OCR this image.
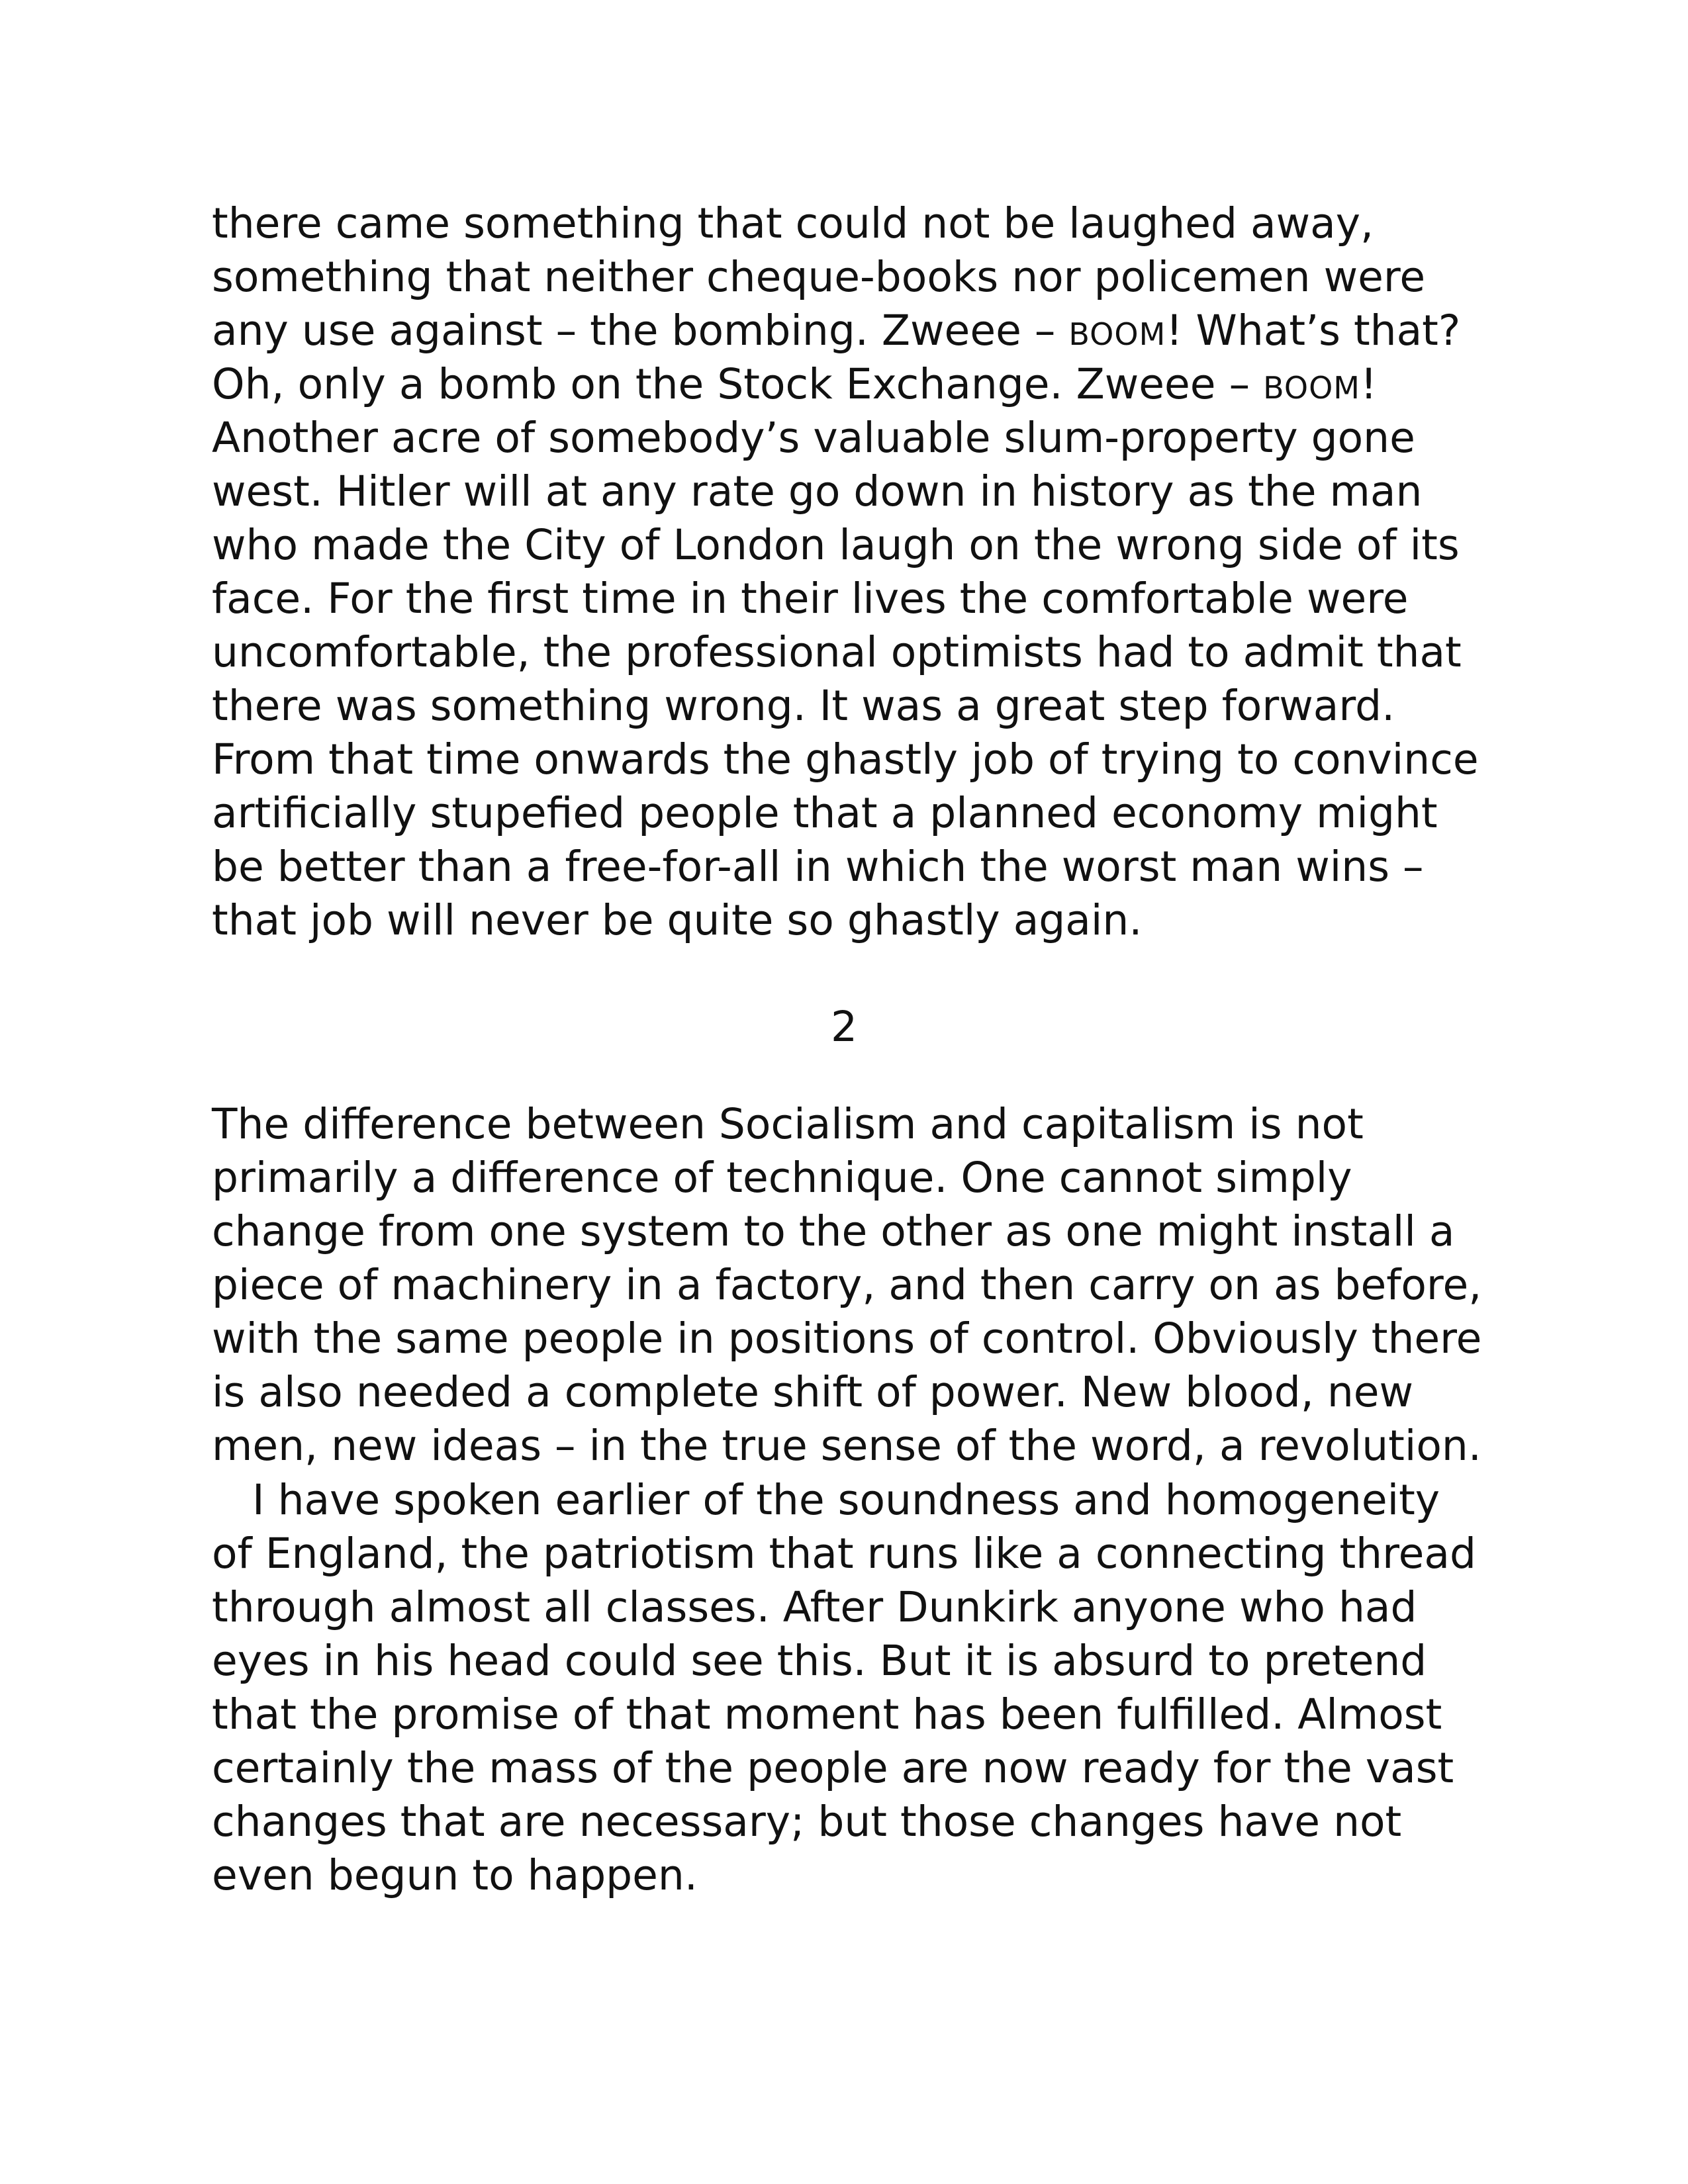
there came something that could not be laughed away,
something that neither cheque-books nor policemen were
any use against – the bombing. Zweee – BOOM! What’s that?
Oh, only a bomb on the Stock Exchange. Zweee – BOOM!
Another acre of somebody’s valuable slum-property gone
west. Hitler will at any rate go down in history as the man
who made the City of London laugh on the wrong side of its
face. For the first time in their lives the comfortable were
uncomfortable, the professional optimists had to admit that
there was something wrong. It was a great step forward.
From that time onwards the ghastly job of trying to convince
artificially stupefied people that a planned economy might
be better than a free-for-all in which the worst man wins –
that job will never be quite so ghastly again.
2
The difference between Socialism and capitalism is not
primarily a difference of technique. One cannot simply
change from one system to the other as one might install a
piece of machinery in a factory, and then carry on as before,
with the same people in positions of control. Obviously there
is also needed a complete shift of power. New blood, new
men, new ideas – in the true sense of the word, a revolution.
I have spoken earlier of the soundness and homogeneity
of England, the patriotism that runs like a connecting thread
through almost all classes. After Dunkirk anyone who had
eyes in his head could see this. But it is absurd to pretend
that the promise of that moment has been fulfilled. Almost
certainly the mass of the people are now ready for the vast
changes that are necessary; but those changes have not
even begun to happen.
